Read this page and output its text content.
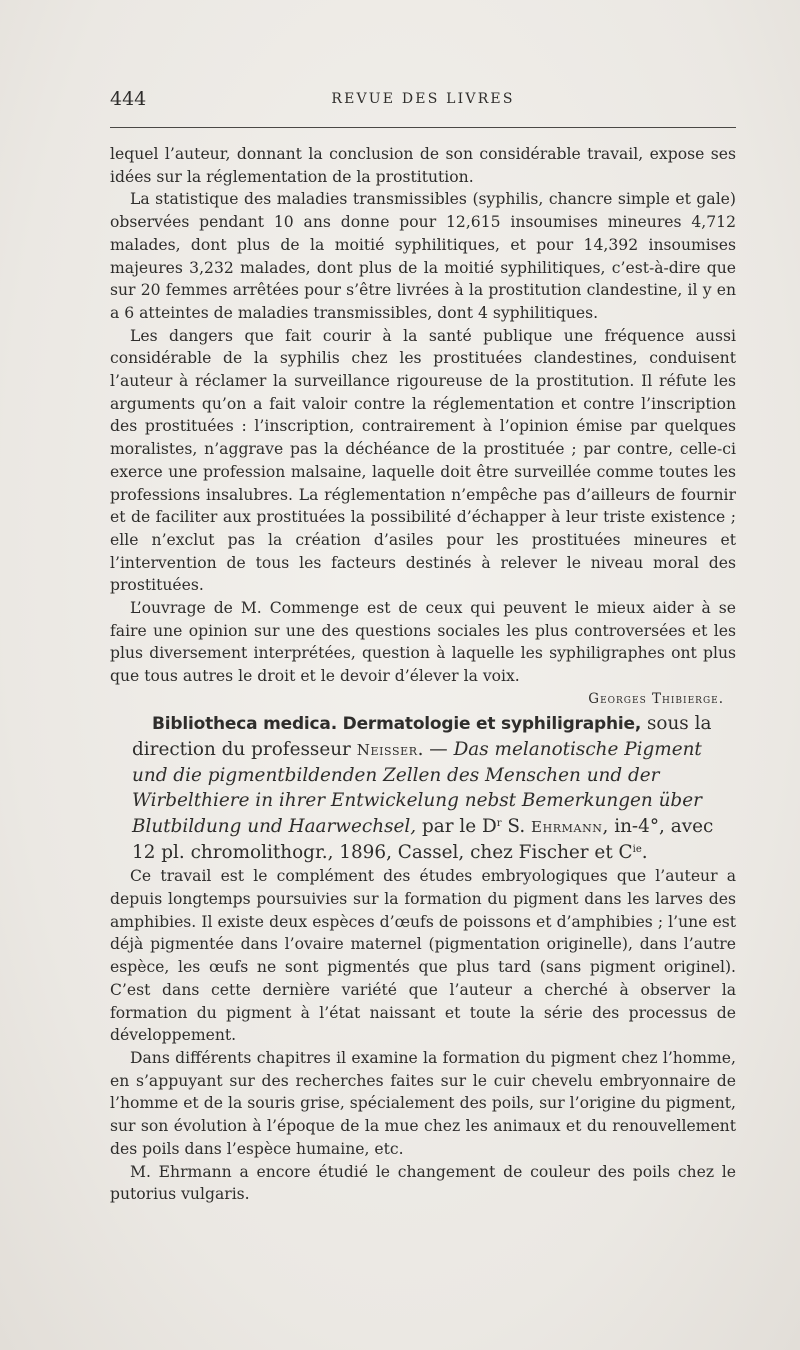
444	REVUE DES LIVRES

lequel l’auteur, donnant la conclusion de son considérable travail, expose ses idées sur la réglementation de la prostitution.

La statistique des maladies transmissibles (syphilis, chancre simple et gale) observées pendant 10 ans donne pour 12,615 insoumises mineures 4,712 malades, dont plus de la moitié syphilitiques, et pour 14,392 insoumises majeures 3,232 malades, dont plus de la moitié syphilitiques, c’est-à-dire que sur 20 femmes arrêtées pour s’être livrées à la prostitution clandestine, il y en a 6 atteintes de maladies transmissibles, dont 4 syphilitiques.

Les dangers que fait courir à la santé publique une fréquence aussi considérable de la syphilis chez les prostituées clandestines, conduisent l’auteur à réclamer la surveillance rigoureuse de la prostitution. Il réfute les arguments qu’on a fait valoir contre la réglementation et contre l’inscription des prostituées : l’inscription, contrairement à l’opinion émise par quelques moralistes, n’aggrave pas la déchéance de la prostituée ; par contre, celle-ci exerce une profession malsaine, laquelle doit être surveillée comme toutes les professions insalubres. La réglementation n’empêche pas d’ailleurs de fournir et de faciliter aux prostituées la possibilité d’échapper à leur triste existence ; elle n’exclut pas la création d’asiles pour les prostituées mineures et l’intervention de tous les facteurs destinés à relever le niveau moral des prostituées.

L’ouvrage de M. Commenge est de ceux qui peuvent le mieux aider à se faire une opinion sur une des questions sociales les plus controversées et les plus diversement interprétées, question à laquelle les syphiligraphes ont plus que tous autres le droit et le devoir d’élever la voix.

Georges Thibierge.

Bibliotheca medica. Dermatologie et syphiligraphie, sous la direction du professeur Neisser. — Das melanotische Pigment und die pigmentbildenden Zellen des Menschen und der Wirbelthiere in ihrer Entwickelung nebst Bemerkungen über Blutbildung und Haarwechsel, par le $D^r$ S. Ehrmann, in-4°, avec 12 pl. chromolithogr., 1896, Cassel, chez Fischer et $C^{ie}$.

Ce travail est le complément des études embryologiques que l’auteur a depuis longtemps poursuivies sur la formation du pigment dans les larves des amphibies. Il existe deux espèces d’œufs de poissons et d’amphibies ; l’une est déjà pigmentée dans l’ovaire maternel (pigmentation originelle), dans l’autre espèce, les œufs ne sont pigmentés que plus tard (sans pigment originel). C’est dans cette dernière variété que l’auteur a cherché à observer la formation du pigment à l’état naissant et toute la série des processus de développement.

Dans différents chapitres il examine la formation du pigment chez l’homme, en s’appuyant sur des recherches faites sur le cuir chevelu embryonnaire de l’homme et de la souris grise, spécialement des poils, sur l’origine du pigment, sur son évolution à l’époque de la mue chez les animaux et du renouvellement des poils dans l’espèce humaine, etc.

M. Ehrmann a encore étudié le changement de couleur des poils chez le putorius vulgaris.
